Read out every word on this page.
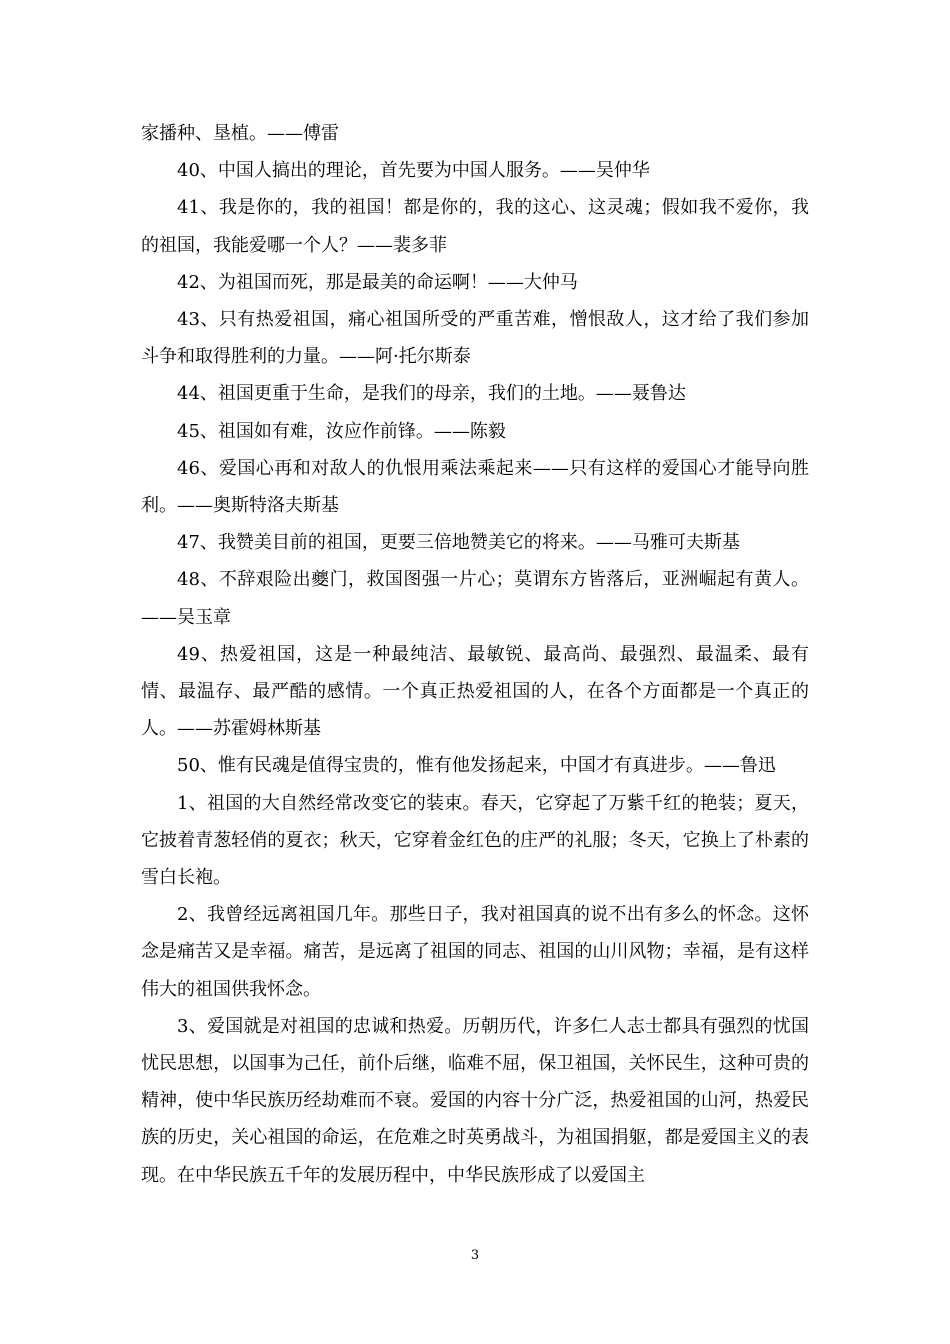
家播种、垦植。——傅雷

40、中国人搞出的理论，首先要为中国人服务。——吴仲华

41、我是你的，我的祖国！都是你的，我的这心、这灵魂；假如我不爱你，我的祖国，我能爱哪一个人？——裴多菲

42、为祖国而死，那是最美的命运啊！——大仲马

43、只有热爱祖国，痛心祖国所受的严重苦难，憎恨敌人，这才给了我们参加斗争和取得胜利的力量。——阿·托尔斯泰

44、祖国更重于生命，是我们的母亲，我们的土地。——聂鲁达

45、祖国如有难，汝应作前锋。——陈毅

46、爱国心再和对敌人的仇恨用乘法乘起来——只有这样的爱国心才能导向胜利。——奥斯特洛夫斯基

47、我赞美目前的祖国，更要三倍地赞美它的将来。——马雅可夫斯基

48、不辞艰险出夔门，救国图强一片心；莫谓东方皆落后，亚洲崛起有黄人。——吴玉章

49、热爱祖国，这是一种最纯洁、最敏锐、最高尚、最强烈、最温柔、最有情、最温存、最严酷的感情。一个真正热爱祖国的人，在各个方面都是一个真正的人。——苏霍姆林斯基

50、惟有民魂是值得宝贵的，惟有他发扬起来，中国才有真进步。——鲁迅

1、祖国的大自然经常改变它的装束。春天，它穿起了万紫千红的艳装；夏天，它披着青葱轻俏的夏衣；秋天，它穿着金红色的庄严的礼服；冬天，它换上了朴素的雪白长袍。

2、我曾经远离祖国几年。那些日子，我对祖国真的说不出有多么的怀念。这怀念是痛苦又是幸福。痛苦，是远离了祖国的同志、祖国的山川风物；幸福，是有这样伟大的祖国供我怀念。

3、爱国就是对祖国的忠诚和热爱。历朝历代，许多仁人志士都具有强烈的忧国忧民思想，以国事为己任，前仆后继，临难不屈，保卫祖国，关怀民生，这种可贵的精神，使中华民族历经劫难而不衰。爱国的内容十分广泛，热爱祖国的山河，热爱民族的历史，关心祖国的命运，在危难之时英勇战斗，为祖国捐躯，都是爱国主义的表现。在中华民族五千年的发展历程中，中华民族形成了以爱国主

3
